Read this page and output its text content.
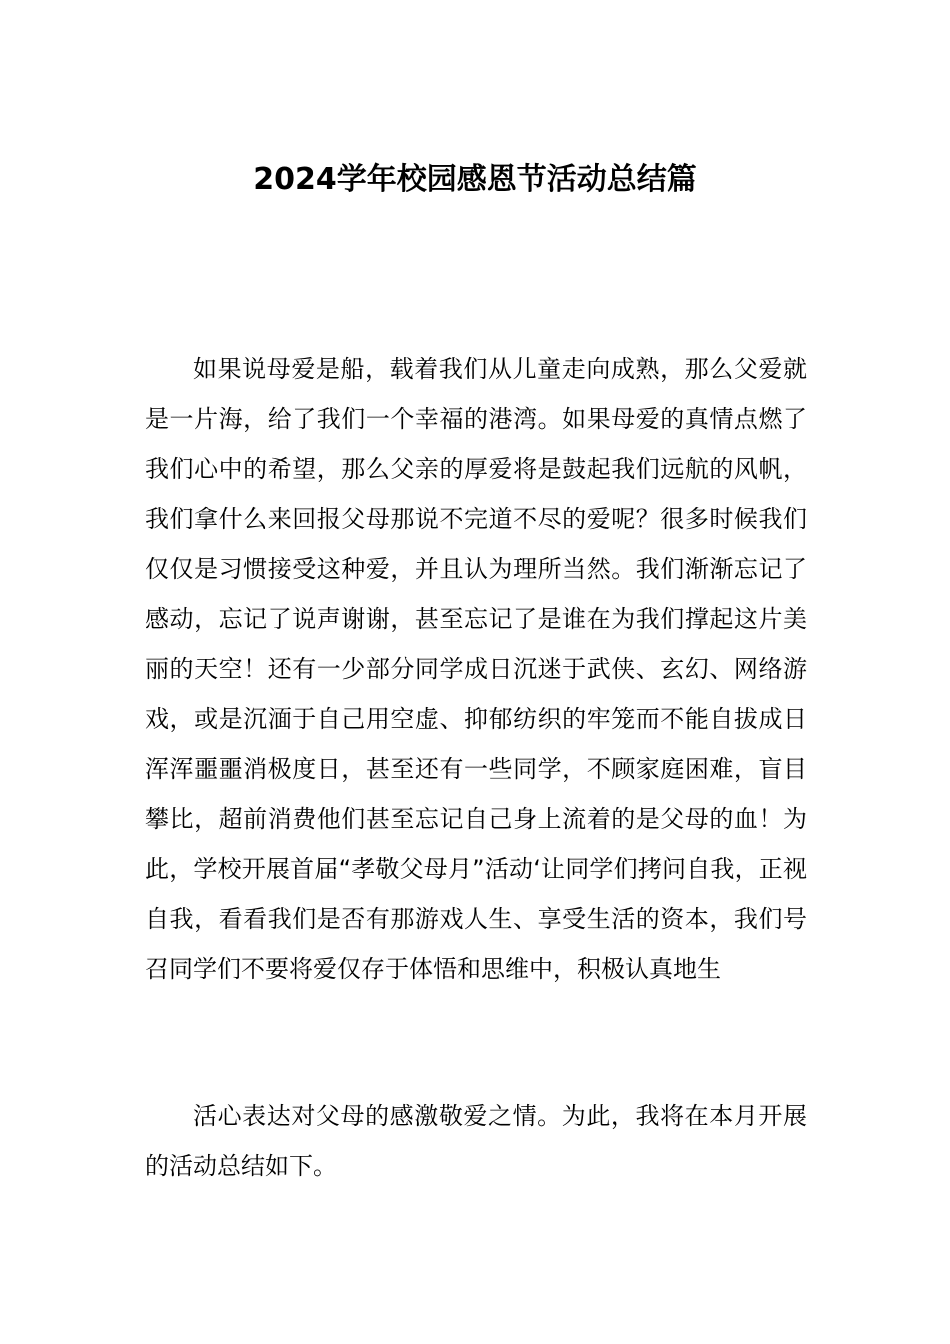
2024学年校园感恩节活动总结篇

如果说母爱是船，载着我们从儿童走向成熟，那么父爱就是一片海，给了我们一个幸福的港湾。如果母爱的真情点燃了我们心中的希望，那么父亲的厚爱将是鼓起我们远航的风帆，我们拿什么来回报父母那说不完道不尽的爱呢？很多时候我们仅仅是习惯接受这种爱，并且认为理所当然。我们渐渐忘记了感动，忘记了说声谢谢，甚至忘记了是谁在为我们撑起这片美丽的天空！还有一少部分同学成日沉迷于武侠、玄幻、网络游戏，或是沉湎于自己用空虚、抑郁纺织的牢笼而不能自拔成日浑浑噩噩消极度日，甚至还有一些同学，不顾家庭困难，盲目攀比，超前消费他们甚至忘记自己身上流着的是父母的血！为此，学校开展首届“孝敬父母月”活动‘让同学们拷问自我，正视自我，看看我们是否有那游戏人生、享受生活的资本，我们号召同学们不要将爱仅存于体悟和思维中，积极认真地生

活心表达对父母的感激敬爱之情。为此，我将在本月开展的活动总结如下。
